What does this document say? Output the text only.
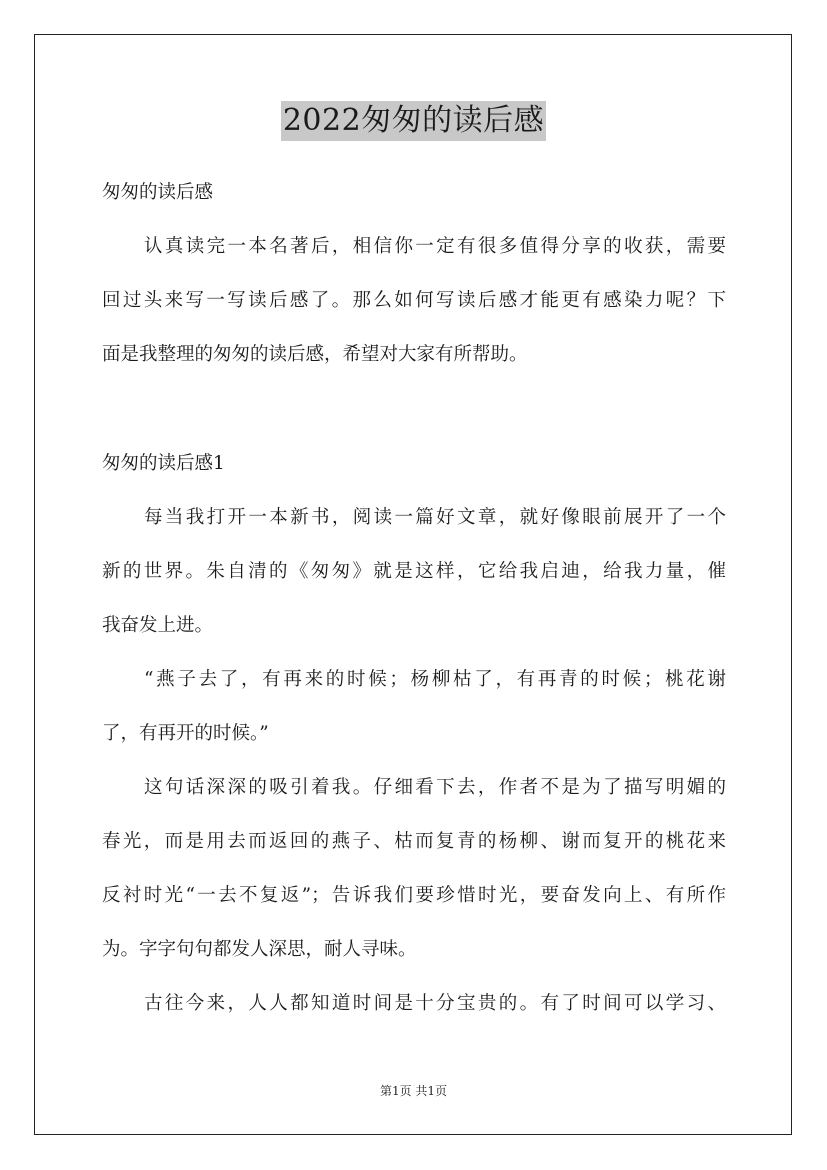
2022匆匆的读后感

匆匆的读后感

认真读完一本名著后，相信你一定有很多值得分享的收获，需要

回过头来写一写读后感了。那么如何写读后感才能更有感染力呢？下

面是我整理的匆匆的读后感，希望对大家有所帮助。

匆匆的读后感1

每当我打开一本新书，阅读一篇好文章，就好像眼前展开了一个

新的世界。朱自清的《匆匆》就是这样，它给我启迪，给我力量，催

我奋发上进。

“燕子去了，有再来的时候；杨柳枯了，有再青的时候；桃花谢

了，有再开的时候。”

这句话深深的吸引着我。仔细看下去，作者不是为了描写明媚的

春光，而是用去而返回的燕子、枯而复青的杨柳、谢而复开的桃花来

反衬时光“一去不复返”；告诉我们要珍惜时光，要奋发向上、有所作

为。字字句句都发人深思，耐人寻味。

古往今来，人人都知道时间是十分宝贵的。有了时间可以学习、

第1页 共1页
